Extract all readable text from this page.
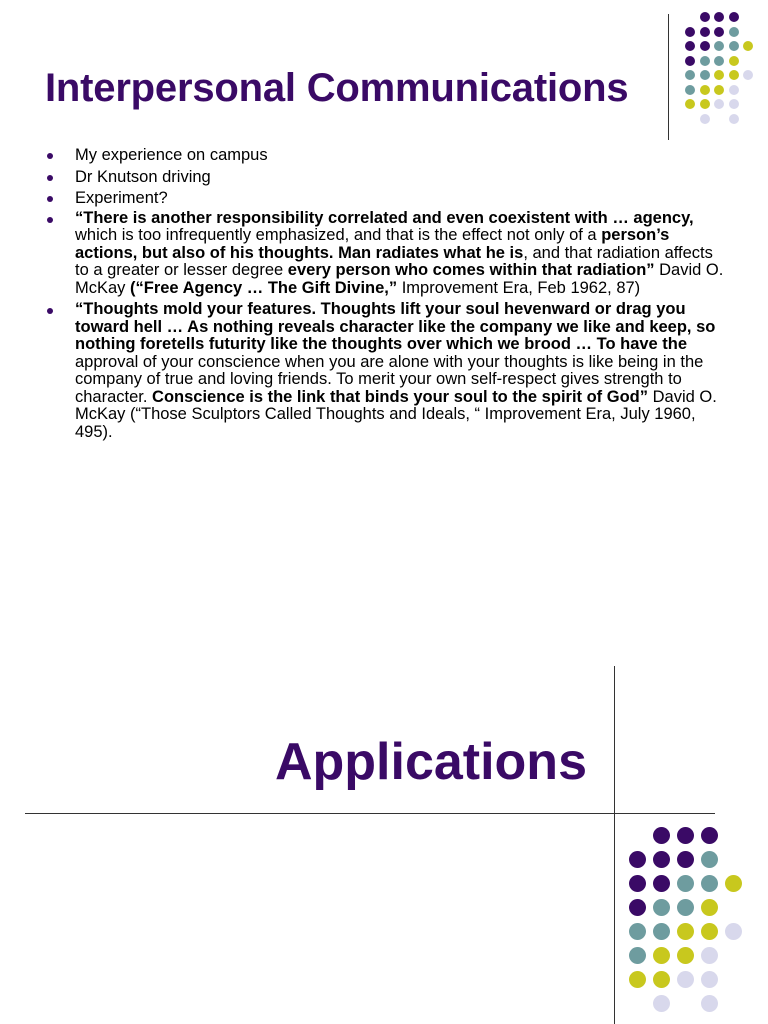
Interpersonal Communications
My experience on campus
Dr Knutson driving
Experiment?
“There is another responsibility correlated and even coexistent with … agency, which is too infrequently emphasized, and that is the effect not only of a person’s actions, but also of his thoughts. Man radiates what he is, and that radiation affects to a greater or lesser degree every person who comes within that radiation” David O. McKay (“Free Agency … The Gift Divine,” Improvement Era, Feb 1962, 87)
“Thoughts mold your features. Thoughts lift your soul hevenward or drag you toward hell … As nothing reveals character like the company we like and keep, so nothing foretells futurity like the thoughts over which we brood … To have the approval of your conscience when you are alone with your thoughts is like being in the company of true and loving friends. To merit your own self-respect gives strength to character. Conscience is the link that binds your soul to the spirit of God” David O. McKay (“Those Sculptors Called Thoughts and Ideals, “ Improvement Era, July 1960, 495).
Applications
